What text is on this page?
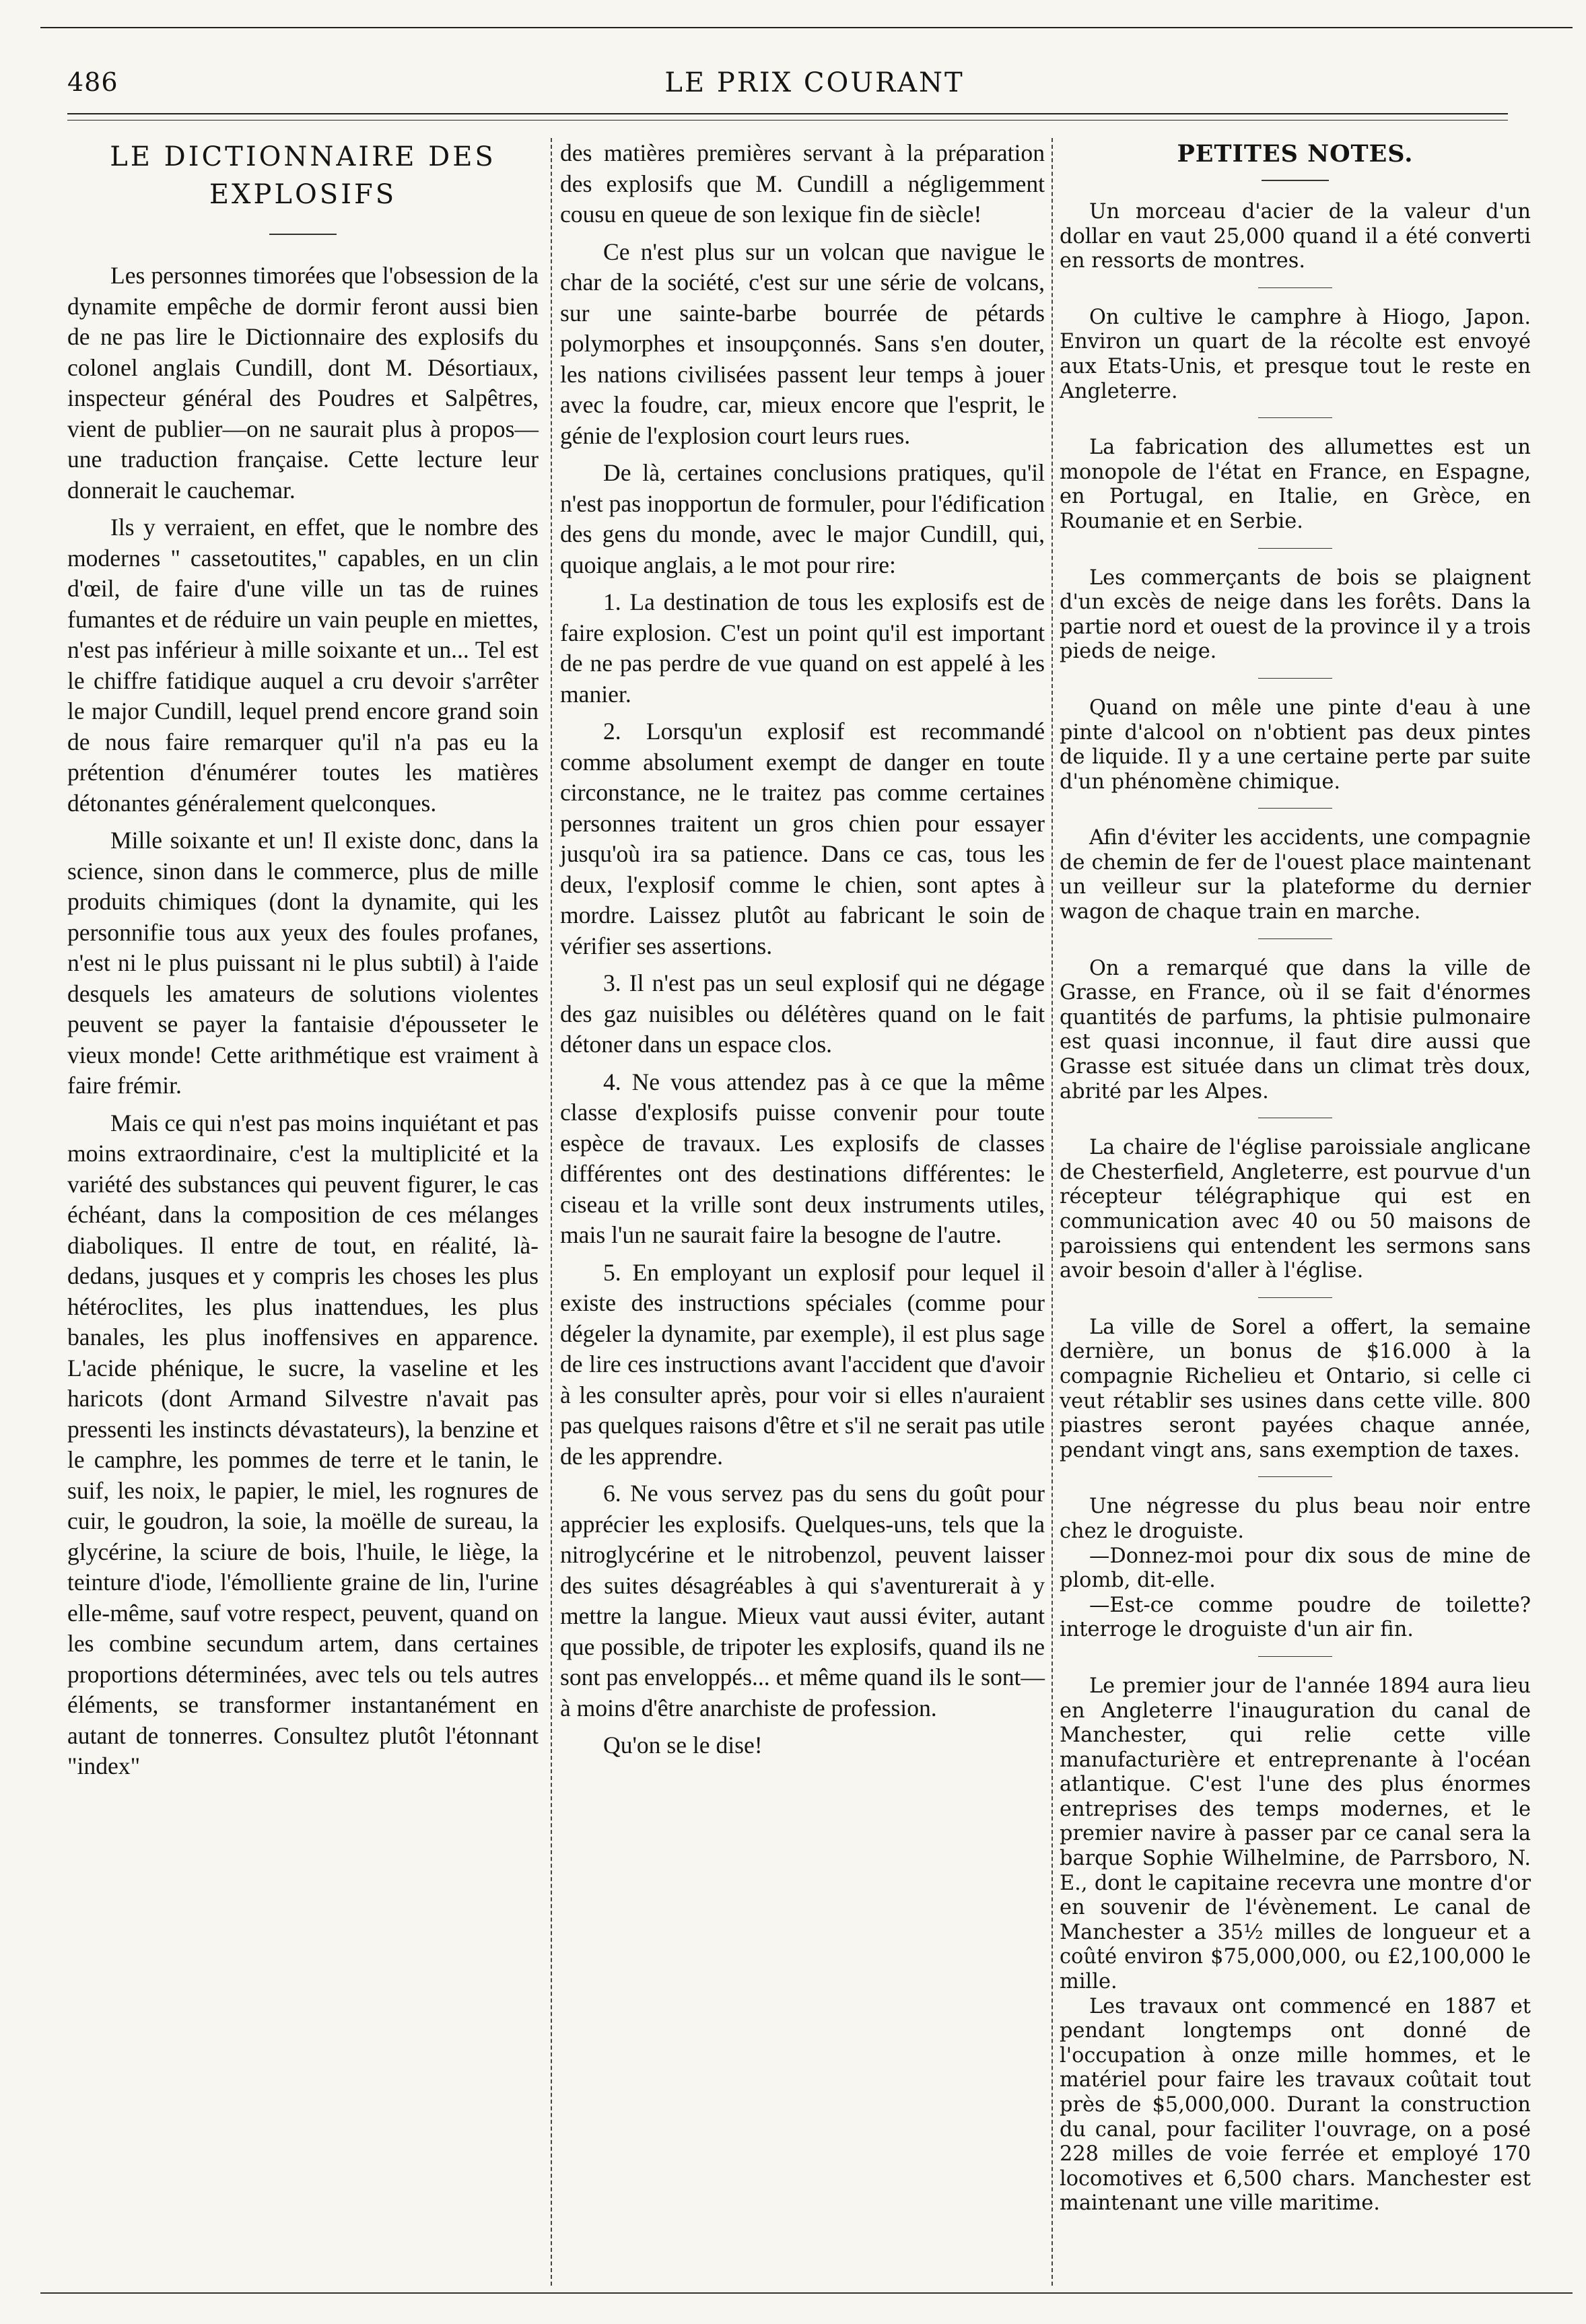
486	LE PRIX COURANT
LE DICTIONNAIRE DES
EXPLOSIFS

Les personnes timorées que l'obsession de la dynamite empêche de dormir feront aussi bien de ne pas lire le Dictionnaire des explosifs du colonel anglais Cundill, dont M. Désortiaux, inspecteur général des Poudres et Salpêtres, vient de publier—on ne saurait plus à propos—une traduction française. Cette lecture leur donnerait le cauchemar.

Ils y verraient, en effet, que le nombre des modernes " cassetoutites," capables, en un clin d'œil, de faire d'une ville un tas de ruines fumantes et de réduire un vain peuple en miettes, n'est pas inférieur à mille soixante et un... Tel est le chiffre fatidique auquel a cru devoir s'arrêter le major Cundill, lequel prend encore grand soin de nous faire remarquer qu'il n'a pas eu la prétention d'énumérer toutes les matières détonantes généralement quelconques.

Mille soixante et un! Il existe donc, dans la science, sinon dans le commerce, plus de mille produits chimiques (dont la dynamite, qui les personnifie tous aux yeux des foules profanes, n'est ni le plus puissant ni le plus subtil) à l'aide desquels les amateurs de solutions violentes peuvent se payer la fantaisie d'épousseter le vieux monde! Cette arithmétique est vraiment à faire frémir.

Mais ce qui n'est pas moins inquiétant et pas moins extraordinaire, c'est la multiplicité et la variété des substances qui peuvent figurer, le cas échéant, dans la composition de ces mélanges diaboliques. Il entre de tout, en réalité, là-dedans, jusques et y compris les choses les plus hétéroclites, les plus inattendues, les plus banales, les plus inoffensives en apparence. L'acide phénique, le sucre, la vaseline et les haricots (dont Armand Silvestre n'avait pas pressenti les instincts dévastateurs), la benzine et le camphre, les pommes de terre et le tanin, le suif, les noix, le papier, le miel, les rognures de cuir, le goudron, la soie, la moëlle de sureau, la glycérine, la sciure de bois, l'huile, le liège, la teinture d'iode, l'émolliente graine de lin, l'urine elle-même, sauf votre respect, peuvent, quand on les combine secundum artem, dans certaines proportions déterminées, avec tels ou tels autres éléments, se transformer instantanément en autant de tonnerres. Consultez plutôt l'étonnant "index"

des matières premières servant à la préparation des explosifs que M. Cundill a négligemment cousu en queue de son lexique fin de siècle!

Ce n'est plus sur un volcan que navigue le char de la société, c'est sur une série de volcans, sur une sainte-barbe bourrée de pétards polymorphes et insoupçonnés. Sans s'en douter, les nations civilisées passent leur temps à jouer avec la foudre, car, mieux encore que l'esprit, le génie de l'explosion court leurs rues.

De là, certaines conclusions pratiques, qu'il n'est pas inopportun de formuler, pour l'édification des gens du monde, avec le major Cundill, qui, quoique anglais, a le mot pour rire:

1. La destination de tous les explosifs est de faire explosion. C'est un point qu'il est important de ne pas perdre de vue quand on est appelé à les manier.

2. Lorsqu'un explosif est recommandé comme absolument exempt de danger en toute circonstance, ne le traitez pas comme certaines personnes traitent un gros chien pour essayer jusqu'où ira sa patience. Dans ce cas, tous les deux, l'explosif comme le chien, sont aptes à mordre. Laissez plutôt au fabricant le soin de vérifier ses assertions.

3. Il n'est pas un seul explosif qui ne dégage des gaz nuisibles ou délétères quand on le fait détoner dans un espace clos.

4. Ne vous attendez pas à ce que la même classe d'explosifs puisse convenir pour toute espèce de travaux. Les explosifs de classes différentes ont des destinations différentes: le ciseau et la vrille sont deux instruments utiles, mais l'un ne saurait faire la besogne de l'autre.

5. En employant un explosif pour lequel il existe des instructions spéciales (comme pour dégeler la dynamite, par exemple), il est plus sage de lire ces instructions avant l'accident que d'avoir à les consulter après, pour voir si elles n'auraient pas quelques raisons d'être et s'il ne serait pas utile de les apprendre.

6. Ne vous servez pas du sens du goût pour apprécier les explosifs. Quelques-uns, tels que la nitroglycérine et le nitrobenzol, peuvent laisser des suites désagréables à qui s'aventurerait à y mettre la langue. Mieux vaut aussi éviter, autant que possible, de tripoter les explosifs, quand ils ne sont pas enveloppés... et même quand ils le sont—à moins d'être anarchiste de profession.

Qu'on se le dise!

PETITES NOTES.

Un morceau d'acier de la valeur d'un dollar en vaut 25,000 quand il a été converti en ressorts de montres.

On cultive le camphre à Hiogo, Japon. Environ un quart de la récolte est envoyé aux Etats-Unis, et presque tout le reste en Angleterre.

La fabrication des allumettes est un monopole de l'état en France, en Espagne, en Portugal, en Italie, en Grèce, en Roumanie et en Serbie.

Les commerçants de bois se plaignent d'un excès de neige dans les forêts. Dans la partie nord et ouest de la province il y a trois pieds de neige.

Quand on mêle une pinte d'eau à une pinte d'alcool on n'obtient pas deux pintes de liquide. Il y a une certaine perte par suite d'un phénomène chimique.

Afin d'éviter les accidents, une compagnie de chemin de fer de l'ouest place maintenant un veilleur sur la plateforme du dernier wagon de chaque train en marche.

On a remarqué que dans la ville de Grasse, en France, où il se fait d'énormes quantités de parfums, la phtisie pulmonaire est quasi inconnue, il faut dire aussi que Grasse est située dans un climat très doux, abrité par les Alpes.

La chaire de l'église paroissiale anglicane de Chesterfield, Angleterre, est pourvue d'un récepteur télégraphique qui est en communication avec 40 ou 50 maisons de paroissiens qui entendent les sermons sans avoir besoin d'aller à l'église.

La ville de Sorel a offert, la semaine dernière, un bonus de $16.000 à la compagnie Richelieu et Ontario, si celle ci veut rétablir ses usines dans cette ville. 800 piastres seront payées chaque année, pendant vingt ans, sans exemption de taxes.

Une négresse du plus beau noir entre chez le droguiste.

—Donnez-moi pour dix sous de mine de plomb, dit-elle.

—Est-ce comme poudre de toilette? interroge le droguiste d'un air fin.

Le premier jour de l'année 1894 aura lieu en Angleterre l'inauguration du canal de Manchester, qui relie cette ville manufacturière et entreprenante à l'océan atlantique. C'est l'une des plus énormes entreprises des temps modernes, et le premier navire à passer par ce canal sera la barque Sophie Wilhelmine, de Parrsboro, N. E., dont le capitaine recevra une montre d'or en souvenir de l'évènement. Le canal de Manchester a 35½ milles de longueur et a coûté environ $75,000,000, ou £2,100,000 le mille.

Les travaux ont commencé en 1887 et pendant longtemps ont donné de l'occupation à onze mille hommes, et le matériel pour faire les travaux coûtait tout près de $5,000,000. Durant la construction du canal, pour faciliter l'ouvrage, on a posé 228 milles de voie ferrée et employé 170 locomotives et 6,500 chars. Manchester est maintenant une ville maritime.
